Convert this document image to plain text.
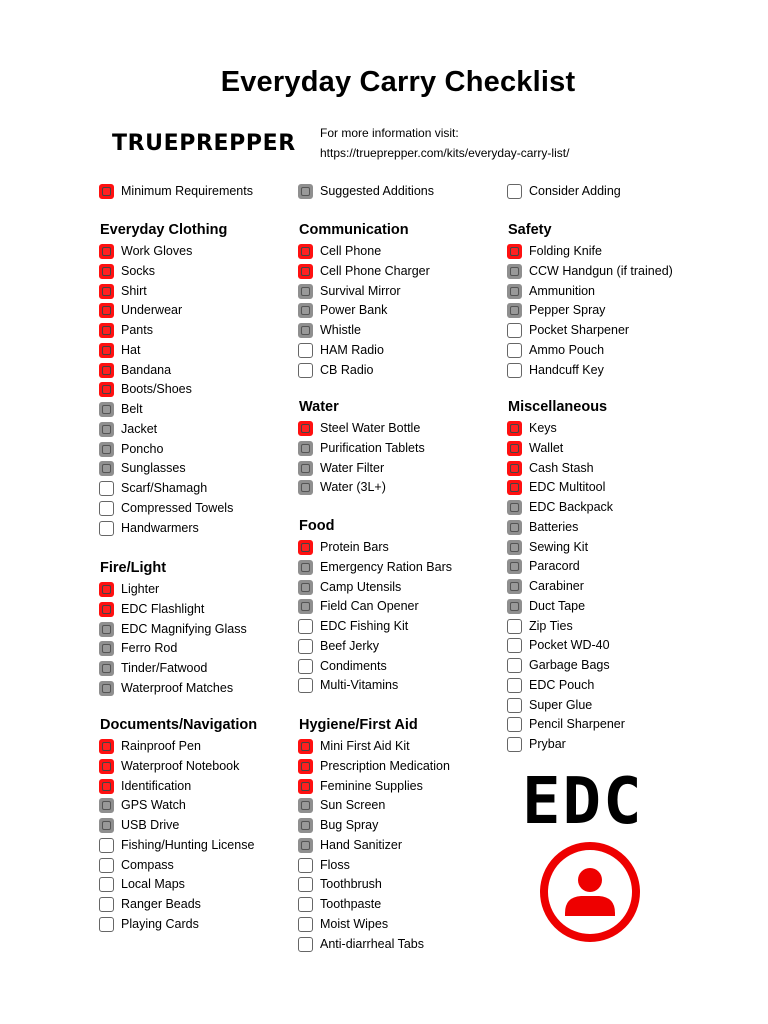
Everyday Carry Checklist
TRUEPREPPER For more information visit:
https://trueprepper.com/kits/everyday-carry-list/
Minimum Requirements	Suggested Additions	Consider Adding
Everyday Clothing
Work Gloves
Socks
Shirt
Underwear
Pants
Hat
Bandana
Boots/Shoes
Belt
Jacket
Poncho
Sunglasses
Scarf/Shamagh
Compressed Towels
Handwarmers
Fire/Light
Lighter
EDC Flashlight
EDC Magnifying Glass
Ferro Rod
Tinder/Fatwood
Waterproof Matches
Documents/Navigation
Rainproof Pen
Waterproof Notebook
Identification
GPS Watch
USB Drive
Fishing/Hunting License
Compass
Local Maps
Ranger Beads
Playing Cards
Communication
Cell Phone
Cell Phone Charger
Survival Mirror
Power Bank
Whistle
HAM Radio
CB Radio
Water
Steel Water Bottle
Purification Tablets
Water Filter
Water (3L+)
Food
Protein Bars
Emergency Ration Bars
Camp Utensils
Field Can Opener
EDC Fishing Kit
Beef Jerky
Condiments
Multi-Vitamins
Hygiene/First Aid
Mini First Aid Kit
Prescription Medication
Feminine Supplies
Sun Screen
Bug Spray
Hand Sanitizer
Floss
Toothbrush
Toothpaste
Moist Wipes
Anti-diarrheal Tabs
Safety
Folding Knife
CCW Handgun (if trained)
Ammunition
Pepper Spray
Pocket Sharpener
Ammo Pouch
Handcuff Key
Miscellaneous
Keys
Wallet
Cash Stash
EDC Multitool
EDC Backpack
Batteries
Sewing Kit
Paracord
Carabiner
Duct Tape
Zip Ties
Pocket WD-40
Garbage Bags
EDC Pouch
Super Glue
Pencil Sharpener
Prybar
EDC
